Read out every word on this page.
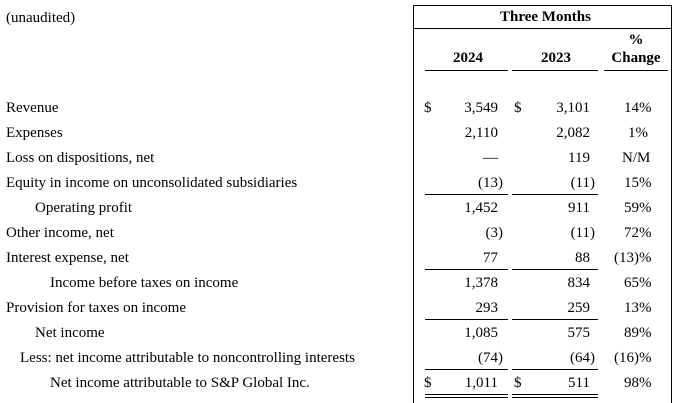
(unaudited)	Three Months
2024	2023
%
Change
Revenue	$	3,549 $	3,101 14%
Expenses	2,110	2,082	1%
Loss on dispositions, net	—	119 N/M
Equity in income on unconsolidated subsidiaries	(13)	(11) 15%
Operating profit	1,452	911 59%
Other income, net	(3)	(11) 72%
Interest expense, net	77	88 (13)%
Income before taxes on income	1,378	834 65%
Provision for taxes on income	293	259 13%
Net income	1,085	575 89%
Less: net income attributable to noncontrolling interests	(74)	(64) (16)%
Net income attributable to S&P Global Inc.	$	1,011 $	511 98%
